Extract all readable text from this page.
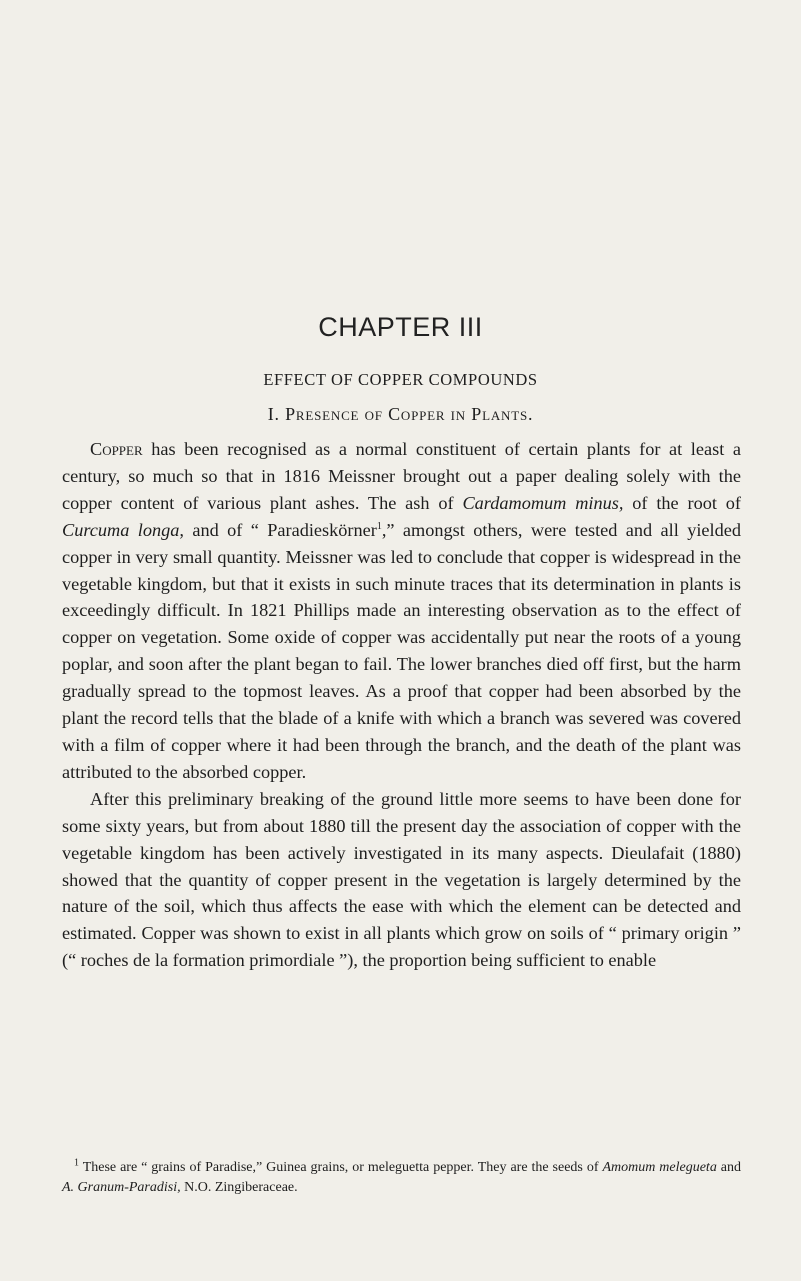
CHAPTER III
EFFECT OF COPPER COMPOUNDS
I. Presence of Copper in Plants.

Copper has been recognised as a normal constituent of certain plants for at least a century, so much so that in 1816 Meissner brought out a paper dealing solely with the copper content of various plant ashes. The ash of Cardamomum minus, of the root of Curcuma longa, and of “ Paradieskörner$^1$,” amongst others, were tested and all yielded copper in very small quantity. Meissner was led to conclude that copper is widespread in the vegetable kingdom, but that it exists in such minute traces that its determination in plants is exceedingly difficult. In 1821 Phillips made an interesting observation as to the effect of copper on vegetation. Some oxide of copper was accidentally put near the roots of a young poplar, and soon after the plant began to fail. The lower branches died off first, but the harm gradually spread to the topmost leaves. As a proof that copper had been absorbed by the plant the record tells that the blade of a knife with which a branch was severed was covered with a film of copper where it had been through the branch, and the death of the plant was attributed to the absorbed copper.

After this preliminary breaking of the ground little more seems to have been done for some sixty years, but from about 1880 till the present day the association of copper with the vegetable kingdom has been actively investigated in its many aspects. Dieulafait (1880) showed that the quantity of copper present in the vegetation is largely determined by the nature of the soil, which thus affects the ease with which the element can be detected and estimated. Copper was shown to exist in all plants which grow on soils of “ primary origin ” (“ roches de la formation primordiale ”), the proportion being sufficient to enable

$^1$ These are “ grains of Paradise,” Guinea grains, or meleguetta pepper. They are the seeds of Amomum melegueta and A. Granum-Paradisi, N.O. Zingiberaceae.
